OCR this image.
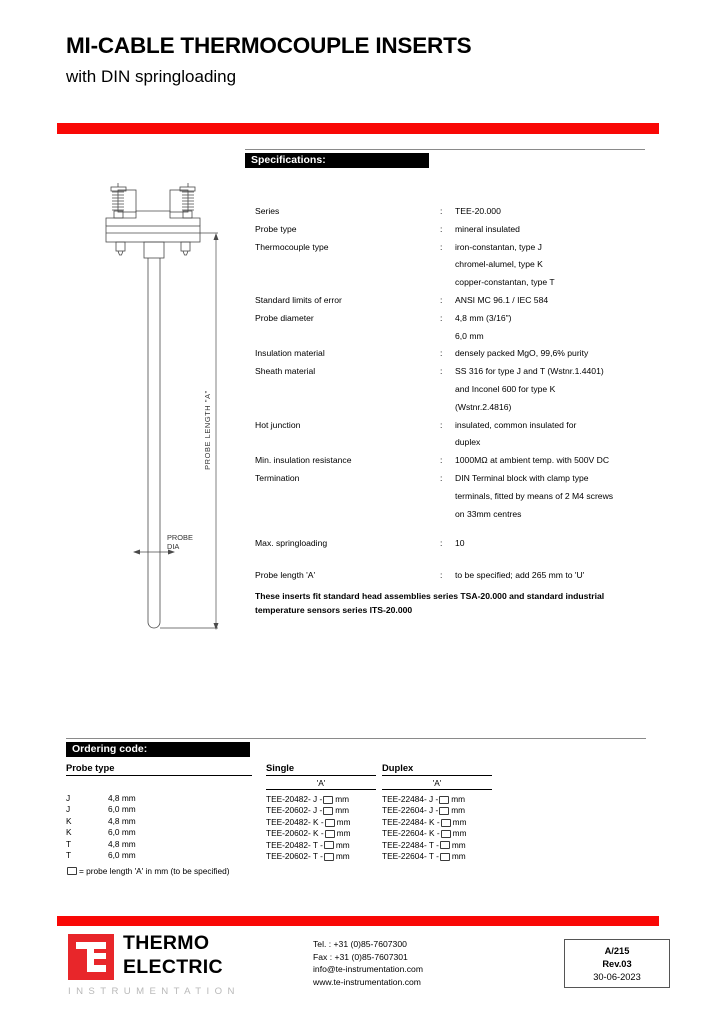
MI-CABLE THERMOCOUPLE INSERTS
with DIN springloading
PROBE LENGTH "A"
PROBE
DIA
Specifications:
Series	:	TEE-20.000
Probe type	:	mineral insulated
Thermocouple type	:	iron-constantan, type J
chromel-alumel, type K
copper-constantan, type T
Standard limits of error	:	ANSI MC 96.1 / IEC 584
Probe diameter	:	4,8 mm (3/16")
6,0 mm
Insulation material	:	densely packed MgO, 99,6% purity
Sheath material	:	SS 316 for type J and T (Wstnr.1.4401)
and Inconel 600 for type K
(Wstnr.2.4816)
Hot junction	:	insulated, common insulated for
duplex
Min. insulation resistance	:	1000MΩ at ambient temp. with 500V DC
Termination	:	DIN Terminal block with clamp type
terminals, fitted by means of 2 M4 screws
on 33mm centres
Max. springloading	:	10
Probe length 'A'	:	to be specified; add 265 mm to 'U'
These inserts fit standard head assemblies series TSA-20.000 and standard industrial
temperature sensors series ITS-20.000
Ordering code:
Probe type
J	4,8 mm
J	6,0 mm
K	4,8 mm
K	6,0 mm
T	4,8 mm
T	6,0 mm
Single
'A'
TEE-20482- J - mm
TEE-20602- J - mm
TEE-20482- K - mm
TEE-20602- K - mm
TEE-20482- T - mm
TEE-20602- T - mm
Duplex
'A'
TEE-22484- J - mm
TEE-22604- J - mm
TEE-22484- K - mm
TEE-22604- K - mm
TEE-22484- T - mm
TEE-22604- T - mm
= probe length 'A' in mm (to be specified)
THERMO
ELECTRIC
INSTRUMENTATION
Tel. : +31 (0)85-7607300
Fax : +31 (0)85-7607301
info@te-instrumentation.com
www.te-instrumentation.com
A/215
Rev.03
30-06-2023
